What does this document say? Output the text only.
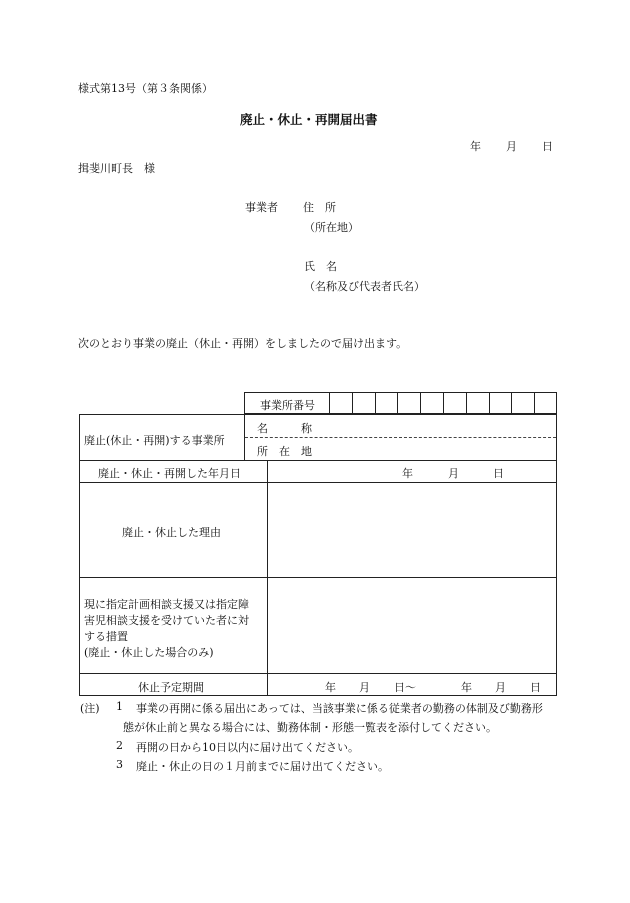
様式第13号（第３条関係）
廃止・休止・再開届出書
年 月 日
揖斐川町長　様
事業者 住　所
（所在地）
氏　名
（名称及び代表者氏名）
次のとおり事業の廃止（休止・再開）をしましたので届け出ます。
事業所番号
廃止(休止・再開)する事業所
名　　　称
所　在　地
廃止・休止・再開した年月日	年	月	日
廃止・休止した理由
現に指定計画相談支援又は指定障
害児相談支援を受けていた者に対
する措置
(廃止・休止した場合のみ)
休止予定期間	年 月 日～	年 月 日
(注) 1 事業の再開に係る届出にあっては、当該事業に係る従業者の勤務の体制及び勤務形
態が休止前と異なる場合には、勤務体制・形態一覧表を添付してください。
2 再開の日から10日以内に届け出てください。
3 廃止・休止の日の１月前までに届け出てください。
